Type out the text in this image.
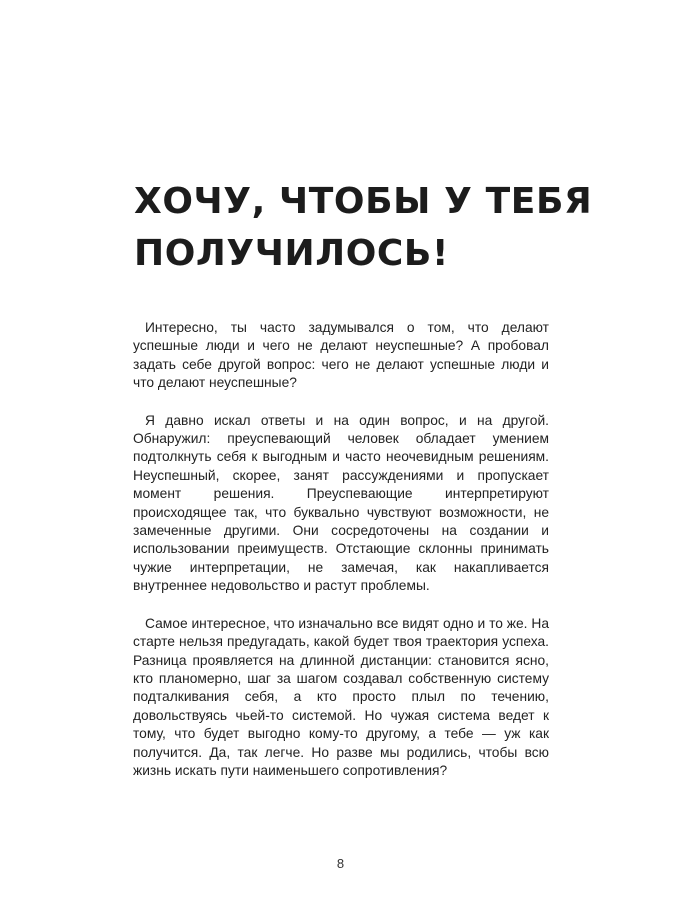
ХОЧУ, ЧТОБЫ У ТЕБЯ
ПОЛУЧИЛОСЬ!

Интересно, ты часто задумывался о том, что делают успешные люди и чего не делают неуспешные? А пробовал задать себе другой вопрос: чего не делают успешные люди и что делают неуспешные?

Я давно искал ответы и на один вопрос, и на другой. Обнаружил: преуспевающий человек обладает умением подтолкнуть себя к выгодным и часто неочевидным решениям. Неуспешный, скорее, занят рассуждениями и пропускает момент решения. Преуспевающие интерпретируют происходящее так, что буквально чувствуют возможности, не замеченные другими. Они сосредоточены на создании и использовании преимуществ. Отстающие склонны принимать чужие интерпретации, не замечая, как накапливается внутреннее недовольство и растут проблемы.

Самое интересное, что изначально все видят одно и то же. На старте нельзя предугадать, какой будет твоя траектория успеха. Разница проявляется на длинной дистанции: становится ясно, кто планомерно, шаг за шагом создавал собственную систему подталкивания себя, а кто просто плыл по течению, довольствуясь чьей-то системой. Но чужая система ведет к тому, что будет выгодно кому-то другому, а тебе — уж как получится. Да, так легче. Но разве мы родились, чтобы всю жизнь искать пути наименьшего сопротивления?

8
